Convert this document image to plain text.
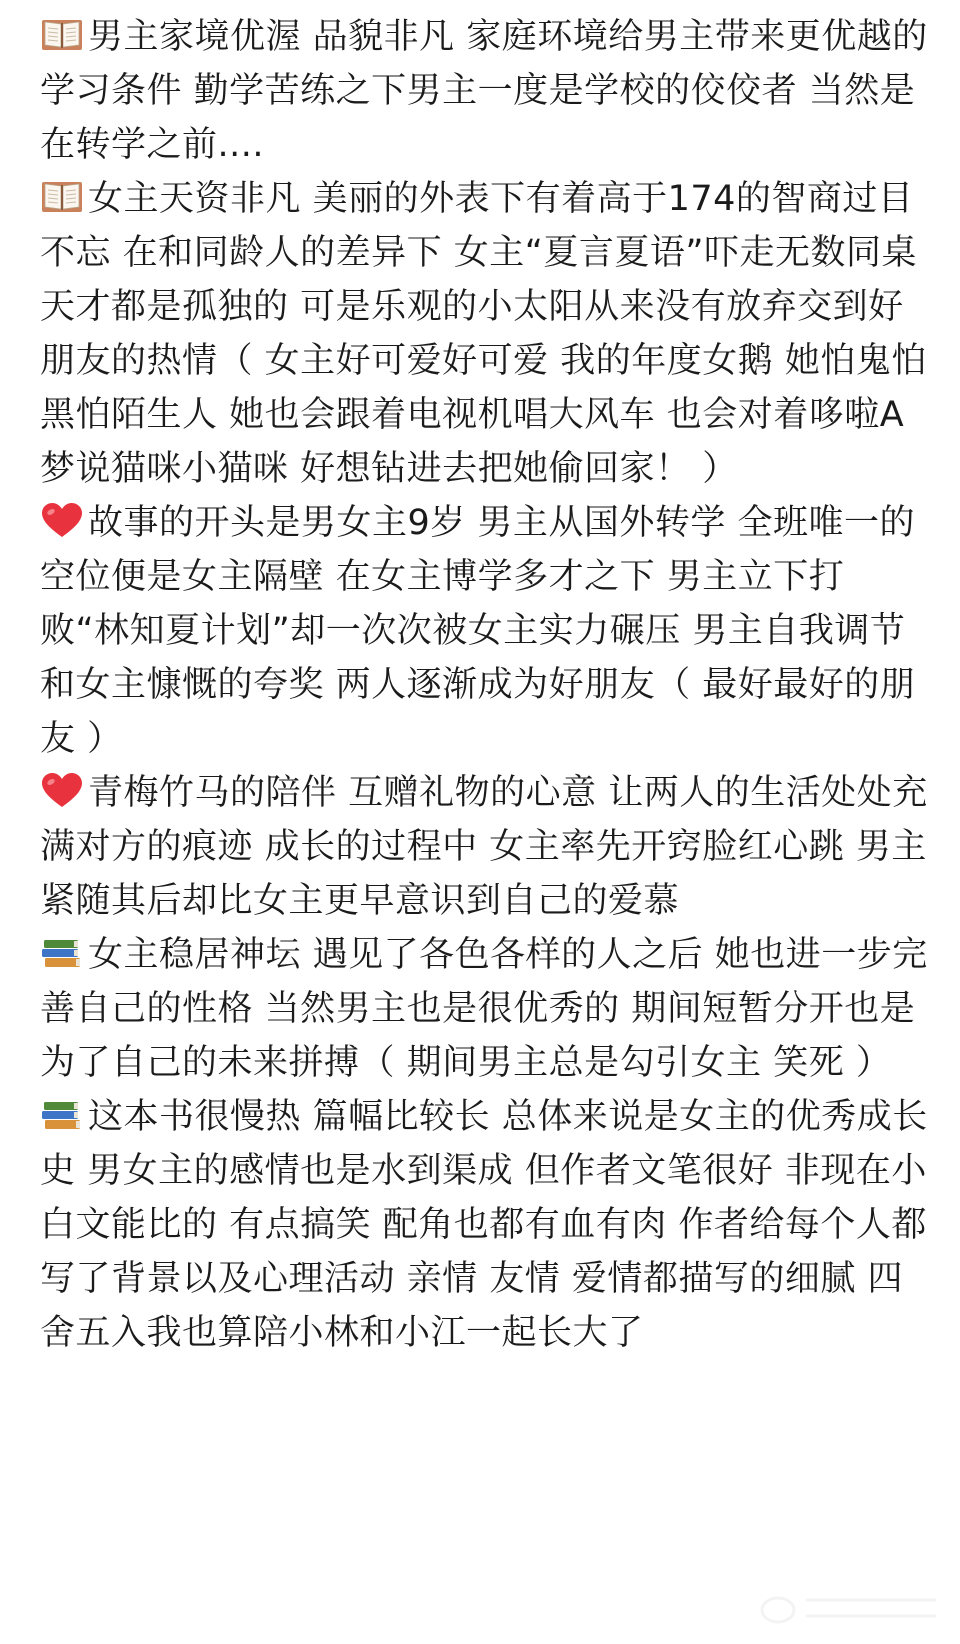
男主家境优渥 品貌非凡 家庭环境给男主带来更优越的学习条件 勤学苦练之下男主一度是学校的佼佼者 当然是在转学之前....

女主天资非凡 美丽的外表下有着高于174的智商过目不忘 在和同龄人的差异下 女主“夏言夏语”吓走无数同桌 天才都是孤独的 可是乐观的小太阳从来没有放弃交到好朋友的热情（ 女主好可爱好可爱 我的年度女鹅 她怕鬼怕黑怕陌生人 她也会跟着电视机唱大风车 也会对着哆啦A梦说猫咪小猫咪 好想钻进去把她偷回家！ ）

故事的开头是男女主9岁 男主从国外转学 全班唯一的空位便是女主隔壁 在女主博学多才之下 男主立下打败“林知夏计划”却一次次被女主实力碾压 男主自我调节和女主慷慨的夸奖 两人逐渐成为好朋友（ 最好最好的朋友 ）

青梅竹马的陪伴 互赠礼物的心意 让两人的生活处处充满对方的痕迹 成长的过程中 女主率先开窍脸红心跳 男主紧随其后却比女主更早意识到自己的爱慕

女主稳居神坛 遇见了各色各样的人之后 她也进一步完善自己的性格 当然男主也是很优秀的 期间短暂分开也是为了自己的未来拼搏（ 期间男主总是勾引女主 笑死 ）

这本书很慢热 篇幅比较长 总体来说是女主的优秀成长史 男女主的感情也是水到渠成 但作者文笔很好 非现在小白文能比的 有点搞笑 配角也都有血有肉 作者给每个人都写了背景以及心理活动 亲情 友情 爱情都描写的细腻 四舍五入我也算陪小林和小江一起长大了
